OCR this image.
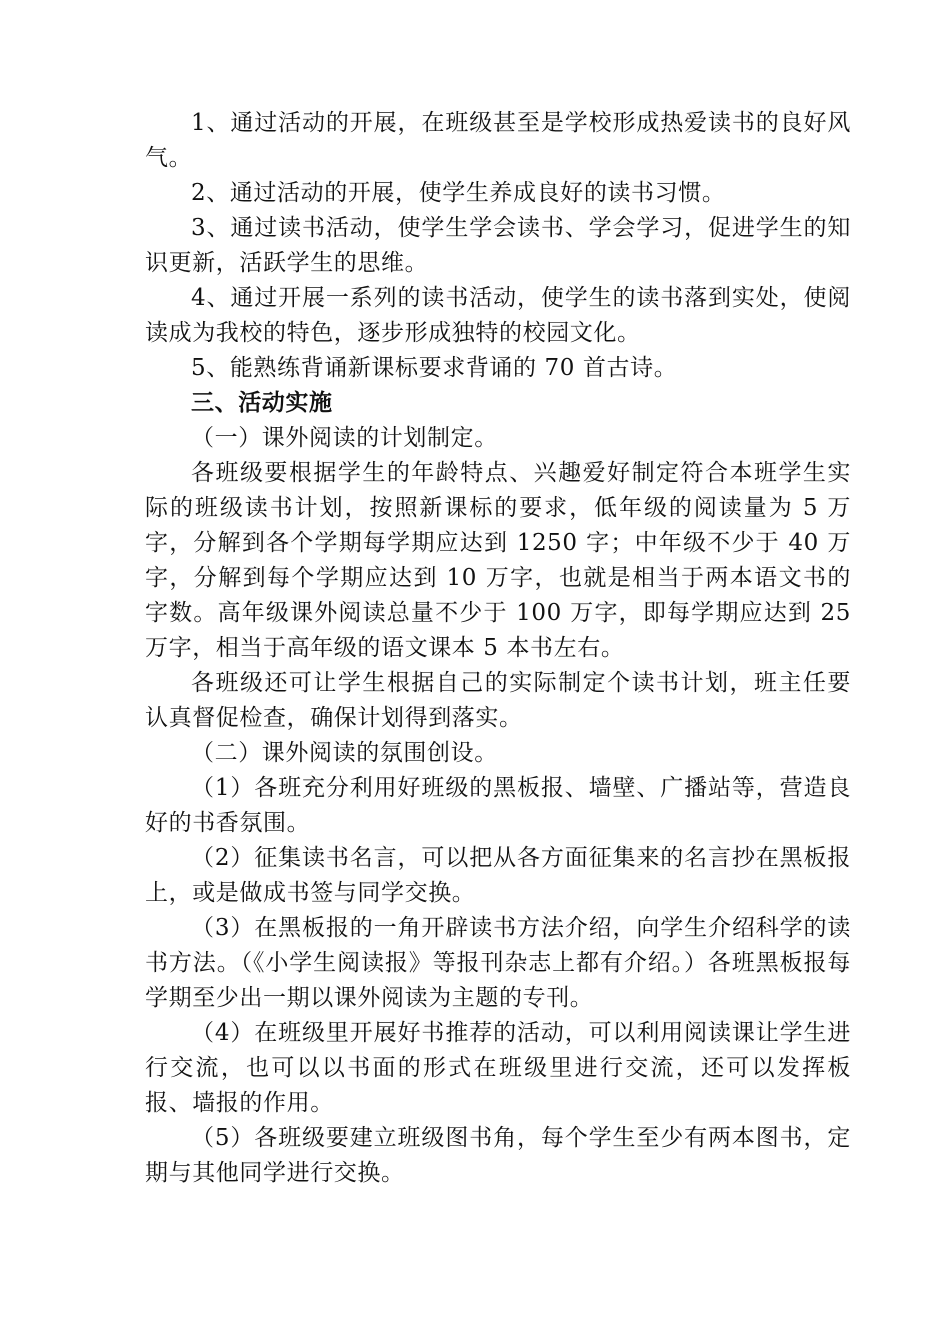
1、通过活动的开展，在班级甚至是学校形成热爱读书的良好风气。

2、通过活动的开展，使学生养成良好的读书习惯。

3、通过读书活动，使学生学会读书、学会学习，促进学生的知识更新，活跃学生的思维。

4、通过开展一系列的读书活动，使学生的读书落到实处，使阅读成为我校的特色，逐步形成独特的校园文化。

5、能熟练背诵新课标要求背诵的 70 首古诗。

三、活动实施

（一）课外阅读的计划制定。

各班级要根据学生的年龄特点、兴趣爱好制定符合本班学生实际的班级读书计划，按照新课标的要求，低年级的阅读量为 5 万字，分解到各个学期每学期应达到 1250 字；中年级不少于 40 万字，分解到每个学期应达到 10 万字，也就是相当于两本语文书的字数。高年级课外阅读总量不少于 100 万字，即每学期应达到 25 万字，相当于高年级的语文课本 5 本书左右。

各班级还可让学生根据自己的实际制定个读书计划，班主任要认真督促检查，确保计划得到落实。

（二）课外阅读的氛围创设。

（1）各班充分利用好班级的黑板报、墙壁、广播站等，营造良好的书香氛围。

（2）征集读书名言，可以把从各方面征集来的名言抄在黑板报上，或是做成书签与同学交换。

（3）在黑板报的一角开辟读书方法介绍，向学生介绍科学的读书方法。（《小学生阅读报》等报刊杂志上都有介绍。）各班黑板报每学期至少出一期以课外阅读为主题的专刊。

（4）在班级里开展好书推荐的活动，可以利用阅读课让学生进行交流，也可以以书面的形式在班级里进行交流，还可以发挥板报、墙报的作用。

（5）各班级要建立班级图书角，每个学生至少有两本图书，定期与其他同学进行交换。
